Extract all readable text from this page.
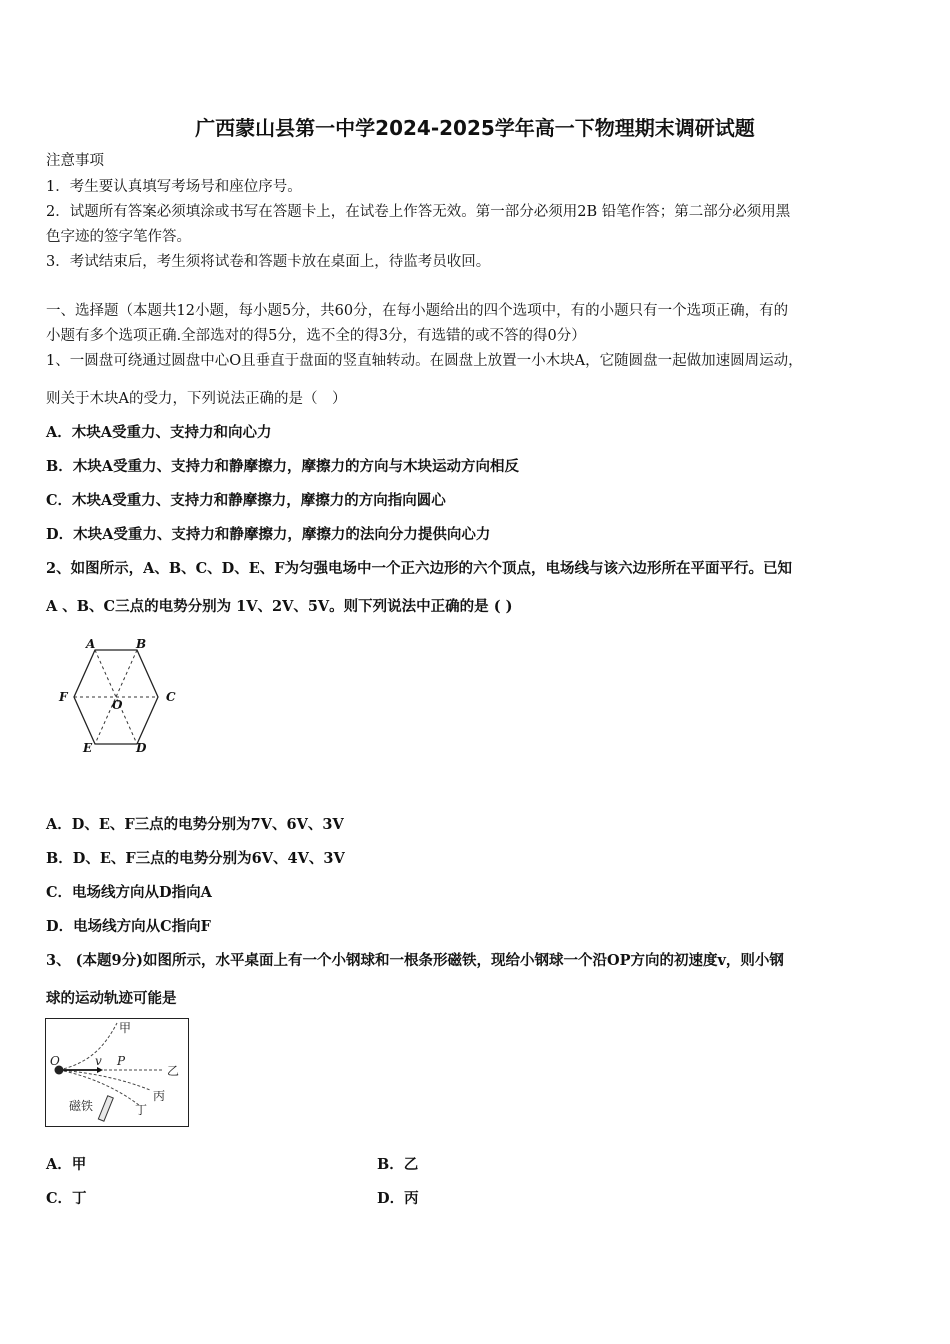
广西蒙山县第一中学2024-2025学年高一下物理期末调研试题
注意事项
1．考生要认真填写考场号和座位序号。
2．试题所有答案必须填涂或书写在答题卡上，在试卷上作答无效。第一部分必须用2B 铅笔作答；第二部分必须用黑
色字迹的签字笔作答。
3．考试结束后，考生须将试卷和答题卡放在桌面上，待监考员收回。
一、选择题（本题共12小题，每小题5分，共60分，在每小题给出的四个选项中，有的小题只有一个选项正确，有的
小题有多个选项正确.全部选对的得5分，选不全的得3分，有选错的或不答的得0分）
1、一圆盘可绕通过圆盘中心O且垂直于盘面的竖直轴转动。在圆盘上放置一小木块A，它随圆盘一起做加速圆周运动，
则关于木块A的受力，下列说法正确的是（　）
A．木块A受重力、支持力和向心力
B．木块A受重力、支持力和静摩擦力，摩擦力的方向与木块运动方向相反
C．木块A受重力、支持力和静摩擦力，摩擦力的方向指向圆心
D．木块A受重力、支持力和静摩擦力，摩擦力的法向分力提供向心力
2、如图所示，A、B、C、D、E、F为匀强电场中一个正六边形的六个顶点，电场线与该六边形所在平面平行。已知
A 、B、C三点的电势分别为 1V、2V、5V。则下列说法中正确的是 ( )
A	B
C
D
E
F
O
A．D、E、F三点的电势分别为7V、6V、3V
B．D、E、F三点的电势分别为6V、4V、3V
C．电场线方向从D指向A
D．电场线方向从C指向F
3、 (本题9分)如图所示，水平桌面上有一个小钢球和一根条形磁铁，现给小钢球一个沿OP方向的初速度v，则小钢
球的运动轨迹可能是
O	v P
甲
乙
丙
丁
磁铁
A．甲	B．乙
C．丁	D．丙
